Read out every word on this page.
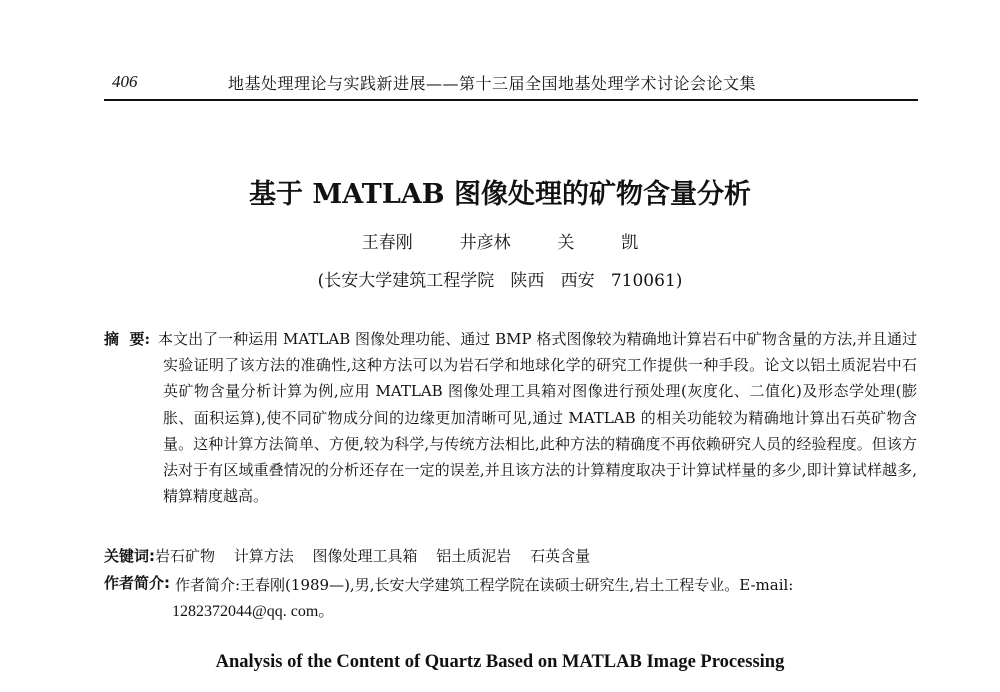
406	地基处理理论与实践新进展——第十三届全国地基处理学术讨论会论文集
基于 MATLAB 图像处理的矿物含量分析
王春刚  井彦林  关  凯
(长安大学建筑工程学院   陕西   西安   710061)
摘  要: 本文出了一种运用 MATLAB 图像处理功能、通过 BMP 格式图像较为精确地计算岩石中矿物含量的方法,并且通过实验证明了该方法的准确性,这种方法可以为岩石学和地球化学的研究工作提供一种手段。论文以铝土质泥岩中石英矿物含量分析计算为例,应用 MATLAB 图像处理工具箱对图像进行预处理(灰度化、二值化)及形态学处理(膨胀、面积运算),使不同矿物成分间的边缘更加清晰可见,通过 MATLAB 的相关功能较为精确地计算出石英矿物含量。这种计算方法简单、方便,较为科学,与传统方法相比,此种方法的精确度不再依赖研究人员的经验程度。但该方法对于有区域重叠情况的分析还存在一定的误差,并且该方法的计算精度取决于计算试样量的多少,即计算试样越多,精算精度越高。
关键词:岩石矿物 计算方法 图像处理工具箱 铝土质泥岩 石英含量
作者简介: 作者简介:王春刚(1989—),男,长安大学建筑工程学院在读硕士研究生,岩土工程专业。E-mail:
1282372044@qq. com。
Analysis of the Content of Quartz Based on MATLAB Image Processing
